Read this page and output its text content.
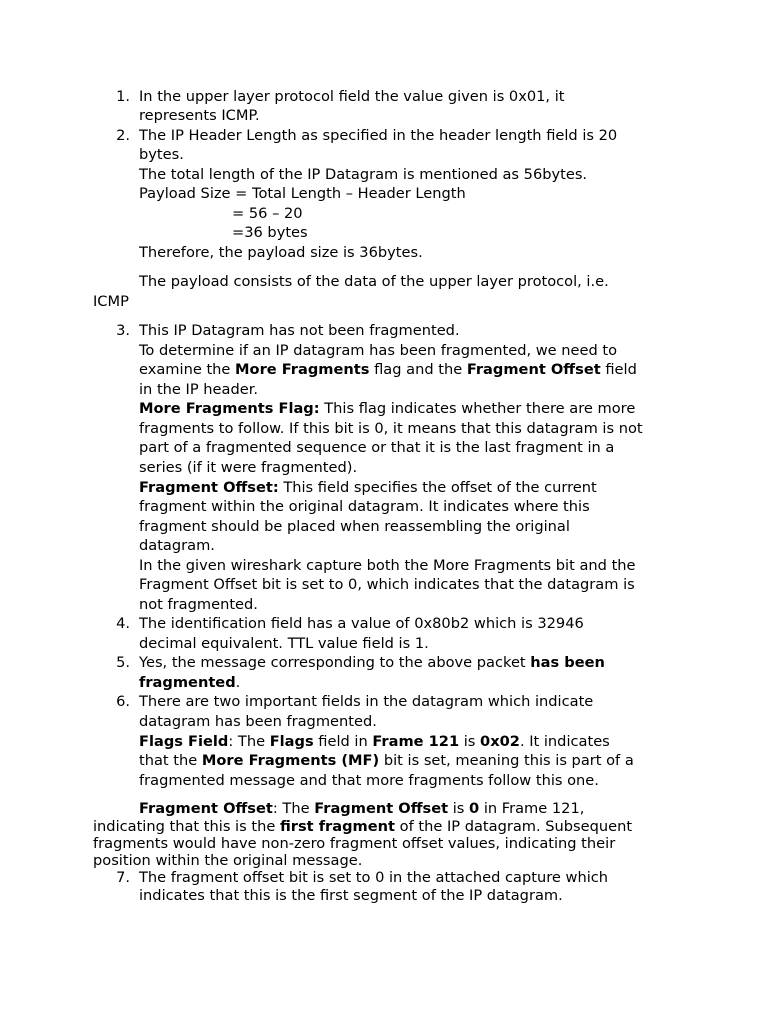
1. In the upper layer protocol field the value given is 0x01, it
represents ICMP.
2. The IP Header Length as specified in the header length field is 20
bytes.
The total length of the IP Datagram is mentioned as 56bytes.
Payload Size = Total Length – Header Length
= 56 – 20
=36 bytes
Therefore, the payload size is 36bytes.
The payload consists of the data of the upper layer protocol, i.e.
ICMP
3. This IP Datagram has not been fragmented.
To determine if an IP datagram has been fragmented, we need to
examine the More Fragments flag and the Fragment Offset field
in the IP header.
More Fragments Flag: This flag indicates whether there are more
fragments to follow. If this bit is 0, it means that this datagram is not
part of a fragmented sequence or that it is the last fragment in a
series (if it were fragmented).
Fragment Offset: This field specifies the offset of the current
fragment within the original datagram. It indicates where this
fragment should be placed when reassembling the original
datagram.
In the given wireshark capture both the More Fragments bit and the
Fragment Offset bit is set to 0, which indicates that the datagram is
not fragmented.
4. The identification field has a value of 0x80b2 which is 32946
decimal equivalent. TTL value field is 1.
5. Yes, the message corresponding to the above packet has been
fragmented.
6. There are two important fields in the datagram which indicate
datagram has been fragmented.
Flags Field: The Flags field in Frame 121 is 0x02. It indicates
that the More Fragments (MF) bit is set, meaning this is part of a
fragmented message and that more fragments follow this one.
Fragment Offset: The Fragment Offset is 0 in Frame 121,
indicating that this is the first fragment of the IP datagram. Subsequent
fragments would have non-zero fragment offset values, indicating their
position within the original message.
7. The fragment offset bit is set to 0 in the attached capture which
indicates that this is the first segment of the IP datagram.
